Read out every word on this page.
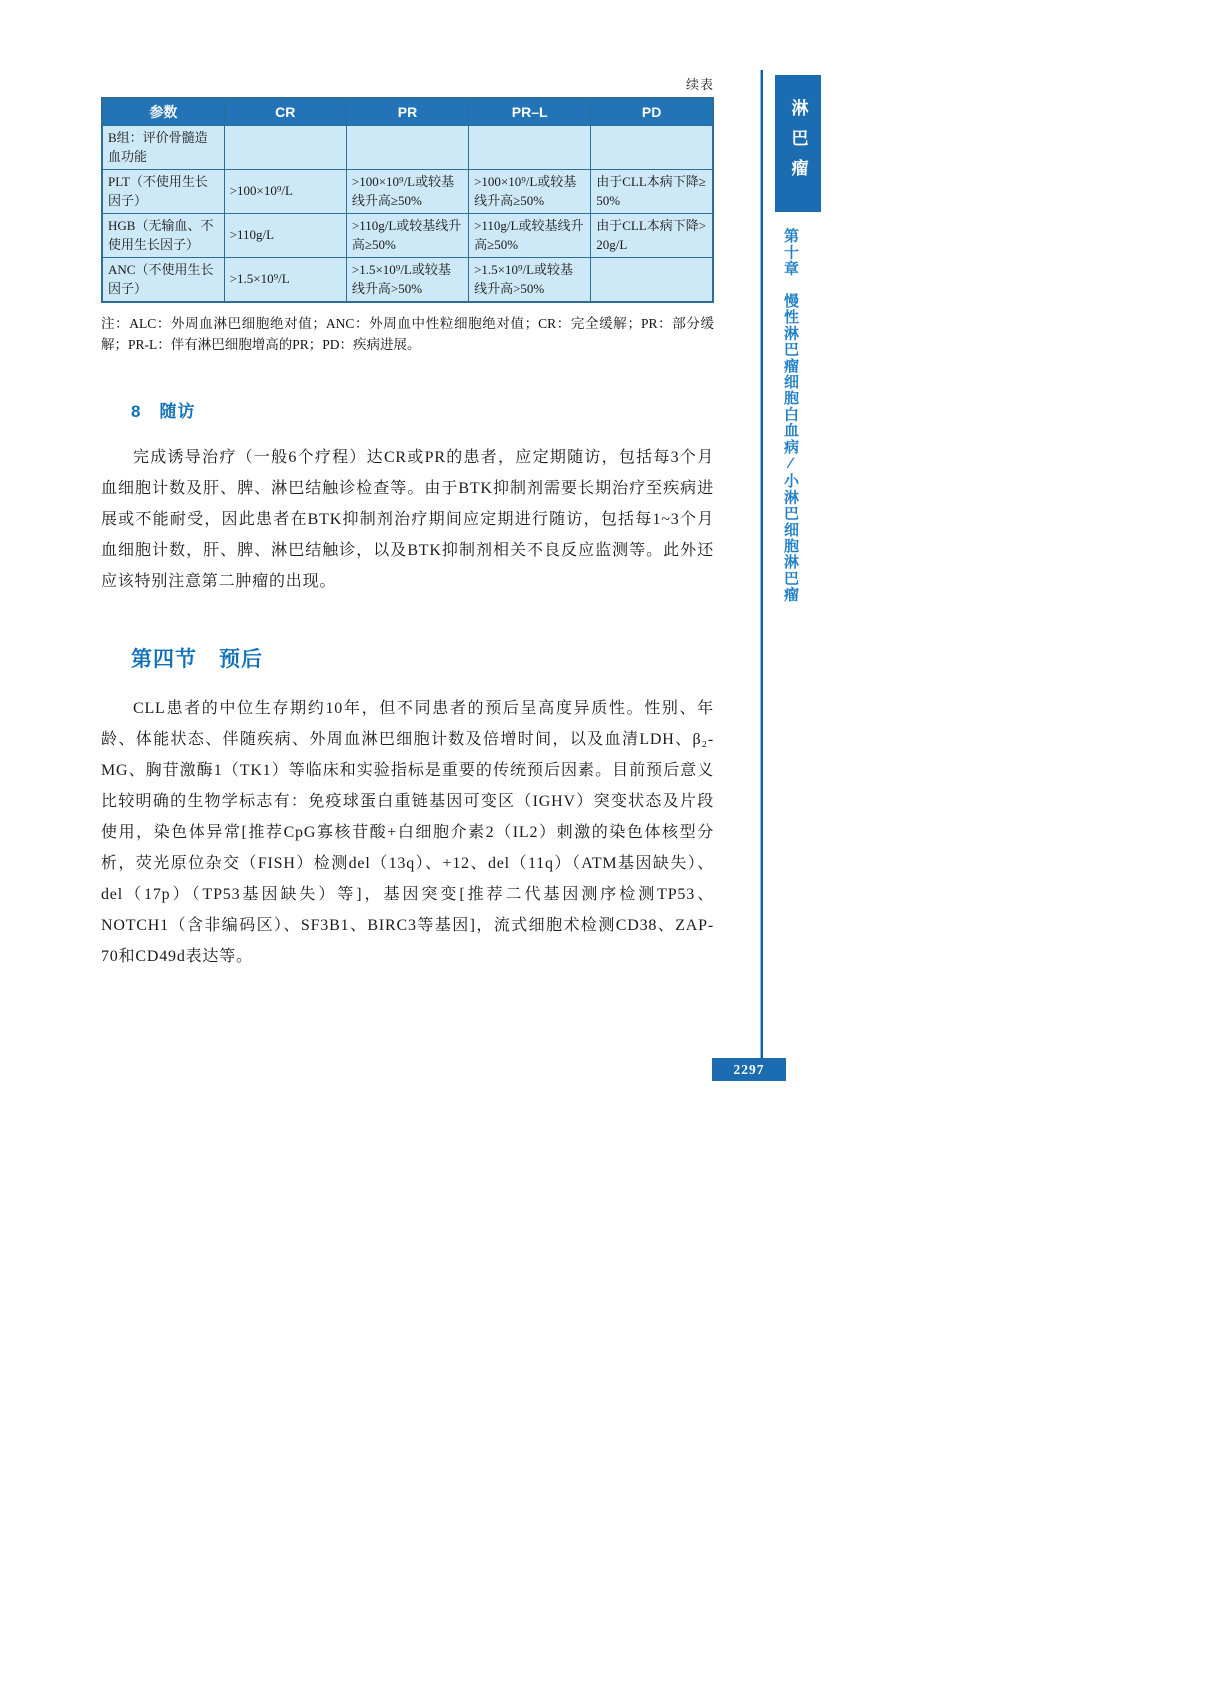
续表
参数	CR	PR	PR–L	PD
B组：评价骨髓造血功能				
PLT（不使用生长因子）	>100×10⁹/L	>100×10⁹/L或较基线升高≥50%	>100×10⁹/L或较基线升高≥50%	由于CLL本病下降≥50%
HGB（无输血、不使用生长因子）	>110g/L	>110g/L或较基线升高≥50%	>110g/L或较基线升高≥50%	由于CLL本病下降>20g/L
ANC（不使用生长因子）	>1.5×10⁹/L	>1.5×10⁹/L或较基线升高>50%	>1.5×10⁹/L或较基线升高>50%	

注：ALC：外周血淋巴细胞绝对值；ANC：外周血中性粒细胞绝对值；CR：完全缓解；PR：部分缓解；PR-L：伴有淋巴细胞增高的PR；PD：疾病进展。

8　随访

完成诱导治疗（一般6个疗程）达CR或PR的患者，应定期随访，包括每3个月血细胞计数及肝、脾、淋巴结触诊检查等。由于BTK抑制剂需要长期治疗至疾病进展或不能耐受，因此患者在BTK抑制剂治疗期间应定期进行随访，包括每1~3个月血细胞计数，肝、脾、淋巴结触诊，以及BTK抑制剂相关不良反应监测等。此外还应该特别注意第二肿瘤的出现。

第四节　预后

CLL患者的中位生存期约10年，但不同患者的预后呈高度异质性。性别、年龄、体能状态、伴随疾病、外周血淋巴细胞计数及倍增时间，以及血清LDH、β₂-MG、胸苷激酶1（TK1）等临床和实验指标是重要的传统预后因素。目前预后意义比较明确的生物学标志有：免疫球蛋白重链基因可变区（IGHV）突变状态及片段使用，染色体异常[推荐CpG寡核苷酸+白细胞介素2（IL2）刺激的染色体核型分析，荧光原位杂交（FISH）检测del（13q）、+12、del（11q）（ATM基因缺失）、del（17p）（TP53基因缺失）等]，基因突变[推荐二代基因测序检测TP53、NOTCH1（含非编码区）、SF3B1、BIRC3等基因]，流式细胞术检测CD38、ZAP-70和CD49d表达等。

淋巴瘤
第十章　慢性淋巴瘤细胞白血病∕小淋巴细胞淋巴瘤
2297
